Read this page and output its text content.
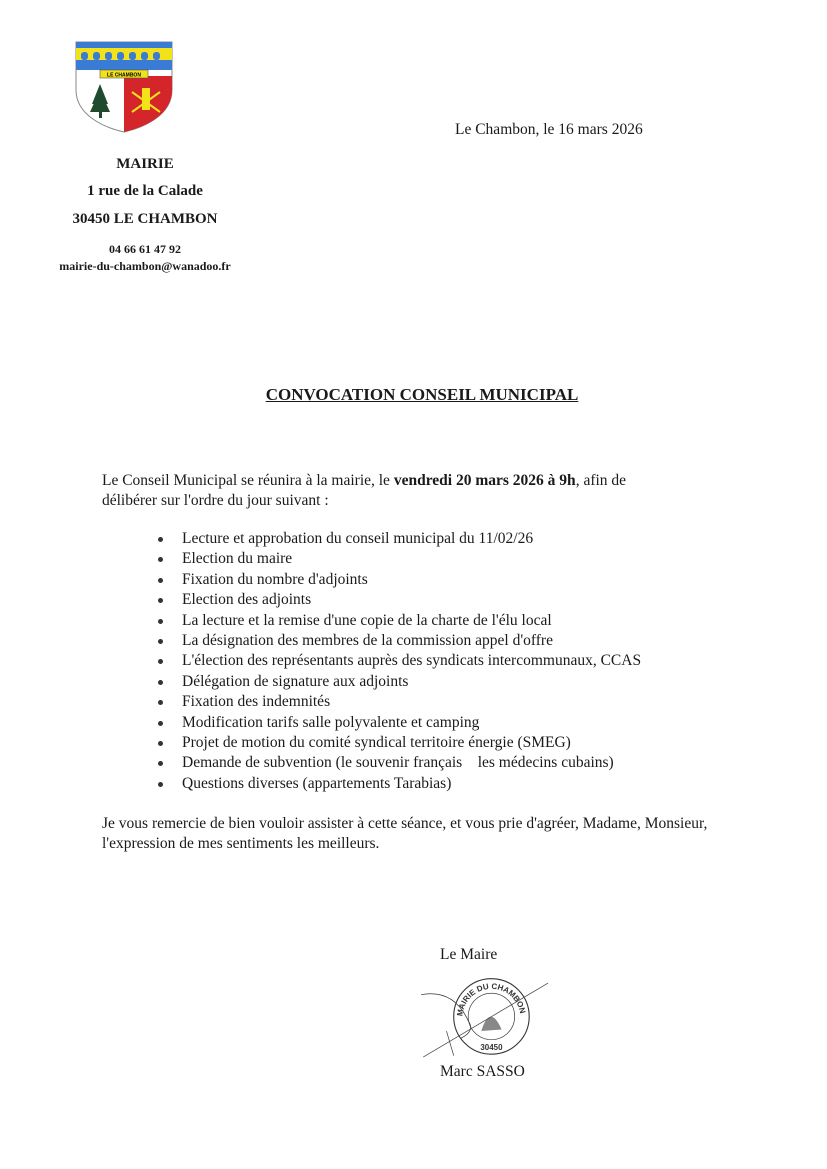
LE CHAMBON
MAIRIE
1 rue de la Calade
30450 LE CHAMBON
04 66 61 47 92
mairie-du-chambon@wanadoo.fr
Le Chambon, le 16 mars 2026
CONVOCATION CONSEIL MUNICIPAL
Le Conseil Municipal se réunira à la mairie, le vendredi 20 mars 2026 à 9h, afin de délibérer sur l'ordre du jour suivant :
Lecture et approbation du conseil municipal du 11/02/26
Election du maire
Fixation du nombre d'adjoints
Election des adjoints
La lecture et la remise d'une copie de la charte de l'élu local
La désignation des membres de la commission appel d'offre
L'élection des représentants auprès des syndicats intercommunaux, CCAS
Délégation de signature aux adjoints
Fixation des indemnités
Modification tarifs salle polyvalente et camping
Projet de motion du comité syndical territoire énergie (SMEG)
Demande de subvention (le souvenir français    les médecins cubains)
Questions diverses (appartements Tarabias)
Je vous remercie de bien vouloir assister à cette séance, et vous prie d'agréer, Madame, Monsieur, l'expression de mes sentiments les meilleurs.
MAIRIE DU CHAMBON
30450
Le Maire
Marc SASSO
